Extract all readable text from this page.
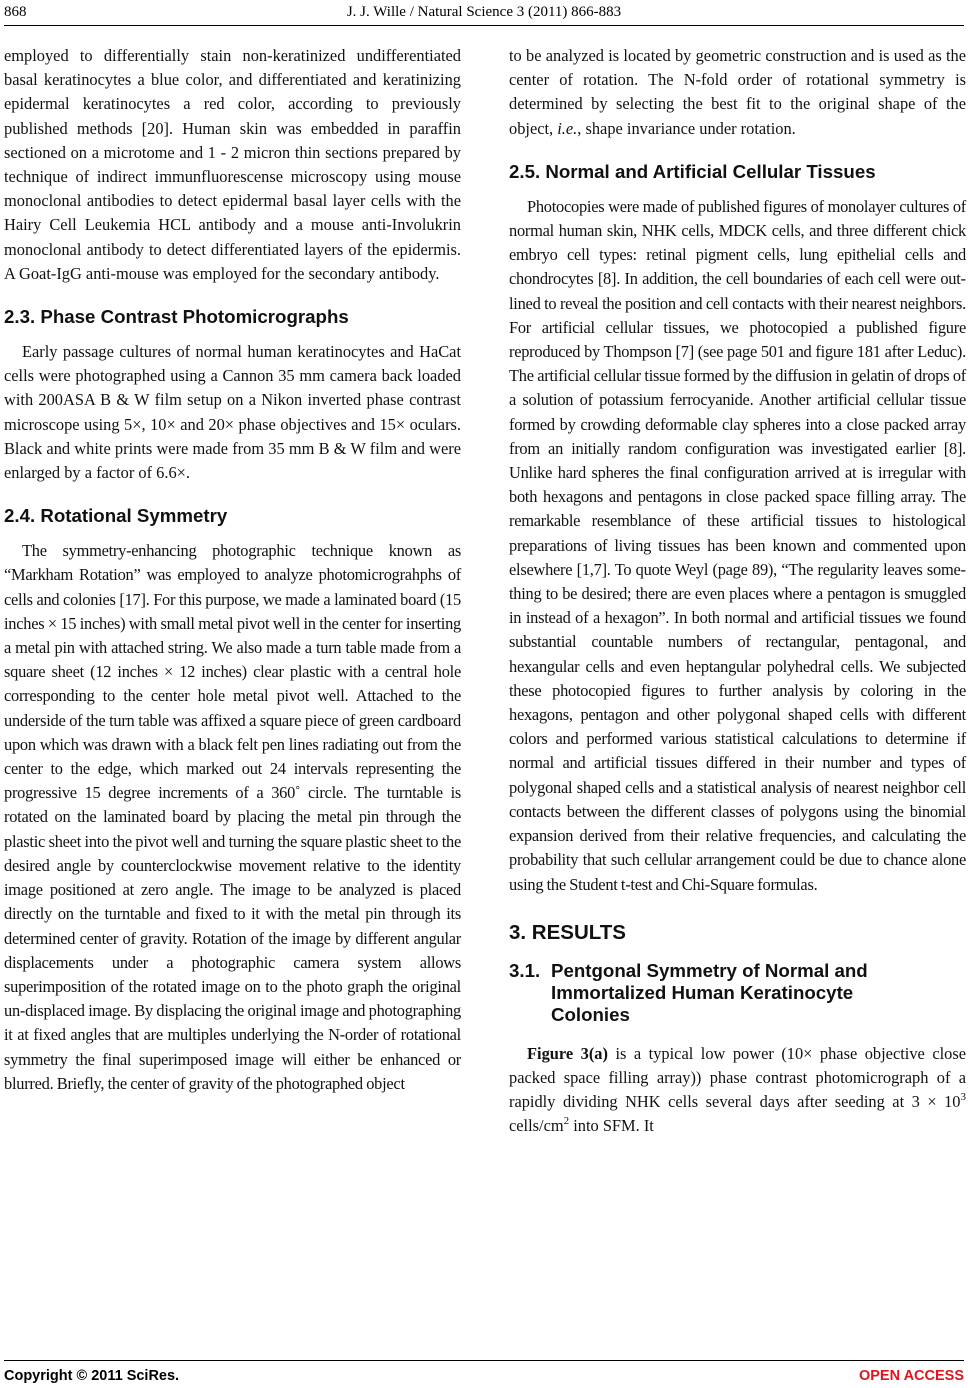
868	J. J. Wille / Natural Science 3 (2011) 866-883

employed to differentially stain non-keratinized undifferentiated basal keratinocytes a blue color, and differentiated and keratinizing epidermal keratinocytes a red color, according to previously published methods [20]. Human skin was embedded in paraffin sectioned on a microtome and 1 - 2 micron thin sections prepared by technique of indirect immunfluorescense microscopy using mouse monoclonal antibodies to detect epidermal basal layer cells with the Hairy Cell Leukemia HCL antibody and a mouse anti-Involukrin monoclonal antibody to detect differentiated layers of the epidermis. A Goat-IgG anti-mouse was employed for the secondary antibody.

2.3. Phase Contrast Photomicrographs

Early passage cultures of normal human keratinocytes and HaCat cells were photographed using a Cannon 35 mm camera back loaded with 200ASA B & W film setup on a Nikon inverted phase contrast microscope using 5×, 10× and 20× phase objectives and 15× oculars. Black and white prints were made from 35 mm B & W film and were enlarged by a factor of 6.6×.

2.4. Rotational Symmetry

The symmetry-enhancing photographic technique known as “Markham Rotation” was employed to analyze photomicrograhphs of cells and colonies [17]. For this purpose, we made a laminated board (15 inches × 15 inches) with small metal pivot well in the center for inserting a metal pin with attached string. We also made a turn table made from a square sheet (12 inches × 12 inches) clear plastic with a central hole corresponding to the center hole metal pivot well. Attached to the underside of the turn table was affixed a square piece of green cardboard upon which was drawn with a black felt pen lines radiating out from the center to the edge, which marked out 24 intervals representing the progressive 15 degree increments of a 360˚ circle. The turntable is rotated on the laminated board by placing the metal pin through the plastic sheet into the pivot well and turning the square plastic sheet to the desired angle by counterclockwise movement relative to the identity image positioned at zero angle. The image to be analyzed is placed directly on the turntable and fixed to it with the metal pin through its determined center of gravity. Rotation of the image by different angular displacements under a photographic camera system allows superimposition of the rotated image on to the photo graph the original un-displaced image. By displacing the original image and photographing it at fixed angles that are multiples underlying the N-order of rotational symmetry the final superimposed image will either be enhanced or blurred. Briefly, the center of gravity of the photographed object

to be analyzed is located by geometric construction and is used as the center of rotation. The N-fold order of rotational symmetry is determined by selecting the best fit to the original shape of the object, i.e., shape invariance under rotation.

2.5. Normal and Artificial Cellular Tissues

Photocopies were made of published figures of monolayer cultures of normal human skin, NHK cells, MDCK cells, and three different chick embryo cell types: retinal pigment cells, lung epithelial cells and chondrocytes [8]. In addition, the cell boundaries of each cell were outlined to reveal the position and cell contacts with their nearest neighbors. For artificial cellular tissues, we photocopied a published figure reproduced by Thompson [7] (see page 501 and figure 181 after Leduc). The artificial cellular tissue formed by the diffusion in gelatin of drops of a solution of potassium ferrocyanide. Another artificial cellular tissue formed by crowding deformable clay spheres into a close packed array from an initially random configuration was investigated earlier [8]. Unlike hard spheres the final configuration arrived at is irregular with both hexagons and pentagons in close packed space filling array. The remarkable resemblance of these artificial tissues to histological preparations of living tissues has been known and commented upon elsewhere [1,7]. To quote Weyl (page 89), “The regularity leaves something to be desired; there are even places where a pentagon is smuggled in instead of a hexagon”. In both normal and artificial tissues we found substantial countable numbers of rectangular, pentagonal, and hexangular cells and even heptangular polyhedral cells. We subjected these photocopied figures to further analysis by coloring in the hexagons, pentagon and other polygonal shaped cells with different colors and performed various statistical calculations to determine if normal and artificial tissues differed in their number and types of polygonal shaped cells and a statistical analysis of nearest neighbor cell contacts between the different classes of polygons using the binomial expansion derived from their relative frequencies, and calculating the probability that such cellular arrangement could be due to chance alone using the Student t-test and Chi-Square formulas.

3. RESULTS
3.1. Pentgonal Symmetry of Normal and
Immortalized Human Keratinocyte
Colonies

Figure 3(a) is a typical low power (10× phase objective close packed space filling array)) phase contrast photomicrograph of a rapidly dividing NHK cells several days after seeding at $3 \times 10^3$ cells/$cm^2$ into SFM. It

Copyright © 2011 SciRes.	OPEN ACCESS
